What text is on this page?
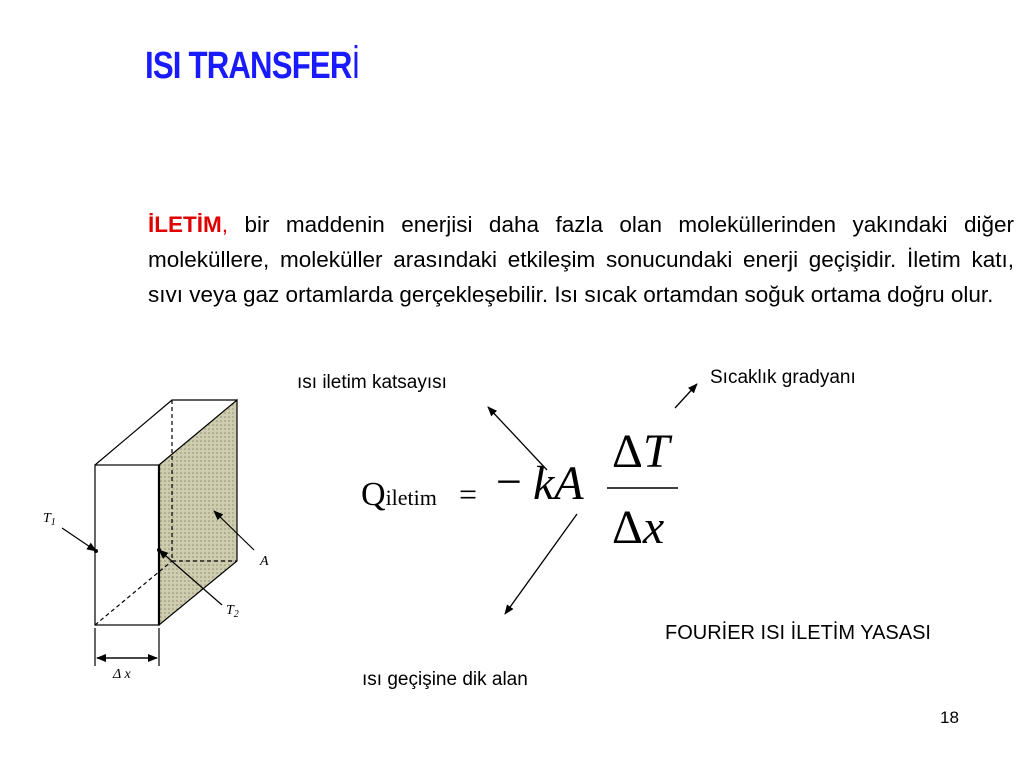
ISI TRANSFERİ
İLETİM, bir maddenin enerjisi daha fazla olan moleküllerinden yakındaki diğer moleküllere, moleküller arasındaki etkileşim sonucundaki enerji geçişidir. İletim katı, sıvı veya gaz ortamlarda gerçekleşebilir. Isı sıcak ortamdan soğuk ortama doğru olur.
ısı iletim katsayısı	Sıcaklık gradyanı
ısı geçişine dik alan
FOURİER ISI İLETİM YASASI
Qiletim = − kA
ΔT
Δx
$T_1$
A
$T_2$
Δ x
18
